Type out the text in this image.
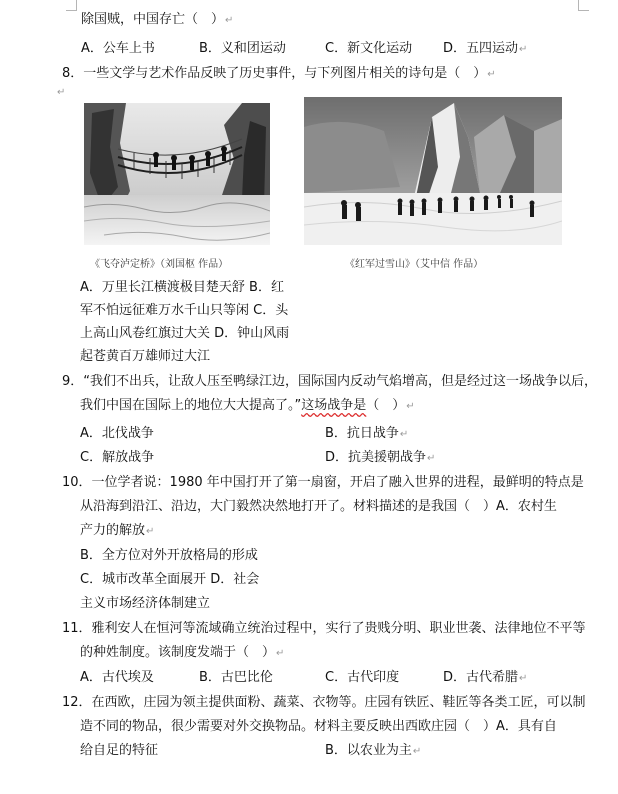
除国贼，中国存亡（　）↵
A．公车上书	B．义和团运动	C．新文化运动 D．五四运动↵
8．一些文学与艺术作品反映了历史事件，与下列图片相关的诗句是（　）↵
↵
《飞夺泸定桥》（刘国枢 作品）	《红军过雪山》（艾中信 作品）
A．万里长江横渡极目楚天舒 B．红
军不怕远征难万水千山只等闲 C．头
上高山风卷红旗过大关 D．钟山风雨
起苍黄百万雄师过大江
9．“我们不出兵，让敌人压至鸭绿江边，国际国内反动气焰增高，但是经过这一场战争以后，
我们中国在国际上的地位大大提高了。”这场战争是（　）↵
A．北伐战争	B．抗日战争↵
C．解放战争	D．抗美援朝战争↵
10．一位学者说：1980 年中国打开了第一扇窗，开启了融入世界的进程，最鲜明的特点是
从沿海到沿江、沿边，大门毅然决然地打开了。材料描述的是我国（　）A．农村生
产力的解放↵
B．全方位对外开放格局的形成
C．城市改革全面展开 D．社会
主义市场经济体制建立
11．雅利安人在恒河等流域确立统治过程中，实行了贵贱分明、职业世袭、法律地位不平等
的种姓制度。该制度发端于（　）↵
A．古代埃及	B．古巴比伦	C．古代印度	D．古代希腊↵
12．在西欧，庄园为领主提供面粉、蔬菜、衣物等。庄园有铁匠、鞋匠等各类工匠，可以制
造不同的物品，很少需要对外交换物品。材料主要反映出西欧庄园（　）A．具有自
给自足的特征	B．以农业为主↵
